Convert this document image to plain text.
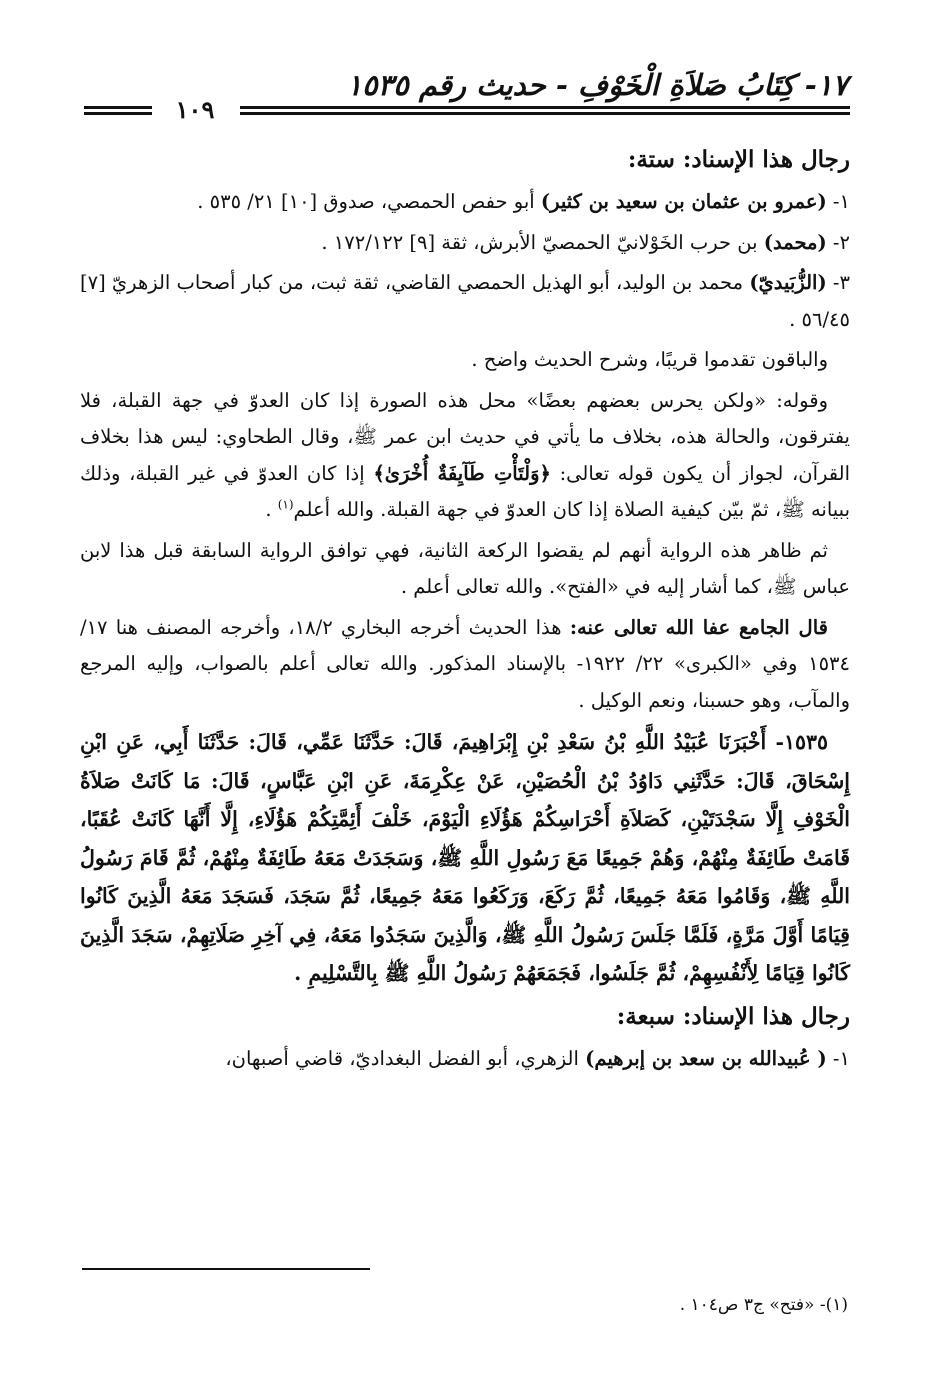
١٧- كِتَابُ صَلاَةِ الْخَوْفِ - حديث رقم ١٥٣٥
١٠٩

رجال هذا الإسناد: ستة:

١- (عمرو بن عثمان بن سعيد بن كثير) أبو حفص الحمصي، صدوق [١٠] ٢١/ ٥٣٥ .

٢- (محمد) بن حرب الخَوْلانيّ الحمصيّ الأبرش، ثقة [٩] ١٧٢/١٢٢ .

٣- (الزُّبَيديّ) محمد بن الوليد، أبو الهذيل الحمصي القاضي، ثقة ثبت، من كبار أصحاب الزهريّ [٧] ٥٦/٤٥ .

والباقون تقدموا قريبًا، وشرح الحديث واضح .

وقوله: «ولكن يحرس بعضهم بعضًا» محل هذه الصورة إذا كان العدوّ في جهة القبلة، فلا يفترقون، والحالة هذه، بخلاف ما يأتي في حديث ابن عمر ﷺ، وقال الطحاوي: ليس هذا بخلاف القرآن، لجواز أن يكون قوله تعالى: ﴿وَلْتَأْتِ طَآيِفَةٌ أُخْرَىٰ﴾ إذا كان العدوّ في غير القبلة، وذلك ببيانه ﷺ، ثمّ بيّن كيفية الصلاة إذا كان العدوّ في جهة القبلة. والله أعلم$^{(١)}$ .

ثم ظاهر هذه الرواية أنهم لم يقضوا الركعة الثانية، فهي توافق الرواية السابقة قبل هذا لابن عباس ﷺ، كما أشار إليه في «الفتح». والله تعالى أعلم .

قال الجامع عفا الله تعالى عنه: هذا الحديث أخرجه البخاري ١٨/٢، وأخرجه المصنف هنا ١٧/ ١٥٣٤ وفي «الكبرى» ٢٢/ ١٩٢٢- بالإسناد المذكور. والله تعالى أعلم بالصواب، وإليه المرجع والمآب، وهو حسبنا، ونعم الوكيل .

١٥٣٥- أَخْبَرَنَا عُبَيْدُ اللَّهِ بْنُ سَعْدِ بْنِ إِبْرَاهِيمَ، قَالَ: حَدَّثَنَا عَمِّي، قَالَ: حَدَّثَنَا أَبِي، عَنِ ابْنِ إِسْحَاقَ، قَالَ: حَدَّثَنِي دَاوُدُ بْنُ الْحُصَيْنِ، عَنْ عِكْرِمَةَ، عَنِ ابْنِ عَبَّاسٍ، قَالَ: مَا كَانَتْ صَلاَةُ الْخَوْفِ إِلَّا سَجْدَتَيْنِ، كَصَلاَةِ أَحْرَاسِكُمْ هَؤُلَاءِ الْيَوْمَ، خَلْفَ أَئِمَّتِكُمْ هَؤُلَاءِ، إِلَّا أَنَّهَا كَانَتْ عُقَبًا، قَامَتْ طَائِفَةٌ مِنْهُمْ، وَهُمْ جَمِيعًا مَعَ رَسُولِ اللَّهِ ﷺ، وَسَجَدَتْ مَعَهُ طَائِفَةٌ مِنْهُمْ، ثُمَّ قَامَ رَسُولُ اللَّهِ ﷺ، وَقَامُوا مَعَهُ جَمِيعًا، ثُمَّ رَكَعَ، وَرَكَعُوا مَعَهُ جَمِيعًا، ثُمَّ سَجَدَ، فَسَجَدَ مَعَهُ الَّذِينَ كَانُوا قِيَامًا أَوَّلَ مَرَّةٍ، فَلَمَّا جَلَسَ رَسُولُ اللَّهِ ﷺ، وَالَّذِينَ سَجَدُوا مَعَهُ، فِي آخِرِ صَلَاتِهِمْ، سَجَدَ الَّذِينَ كَانُوا قِيَامًا لِأَنْفُسِهِمْ، ثُمَّ جَلَسُوا، فَجَمَعَهُمْ رَسُولُ اللَّهِ ﷺ بِالتَّسْلِيمِ .

رجال هذا الإسناد: سبعة:

١- ( عُبيدالله بن سعد بن إبرهيم) الزهري، أبو الفضل البغداديّ، قاضي أصبهان،

(١)- «فتح» ج٣ ص١٠٤ .
